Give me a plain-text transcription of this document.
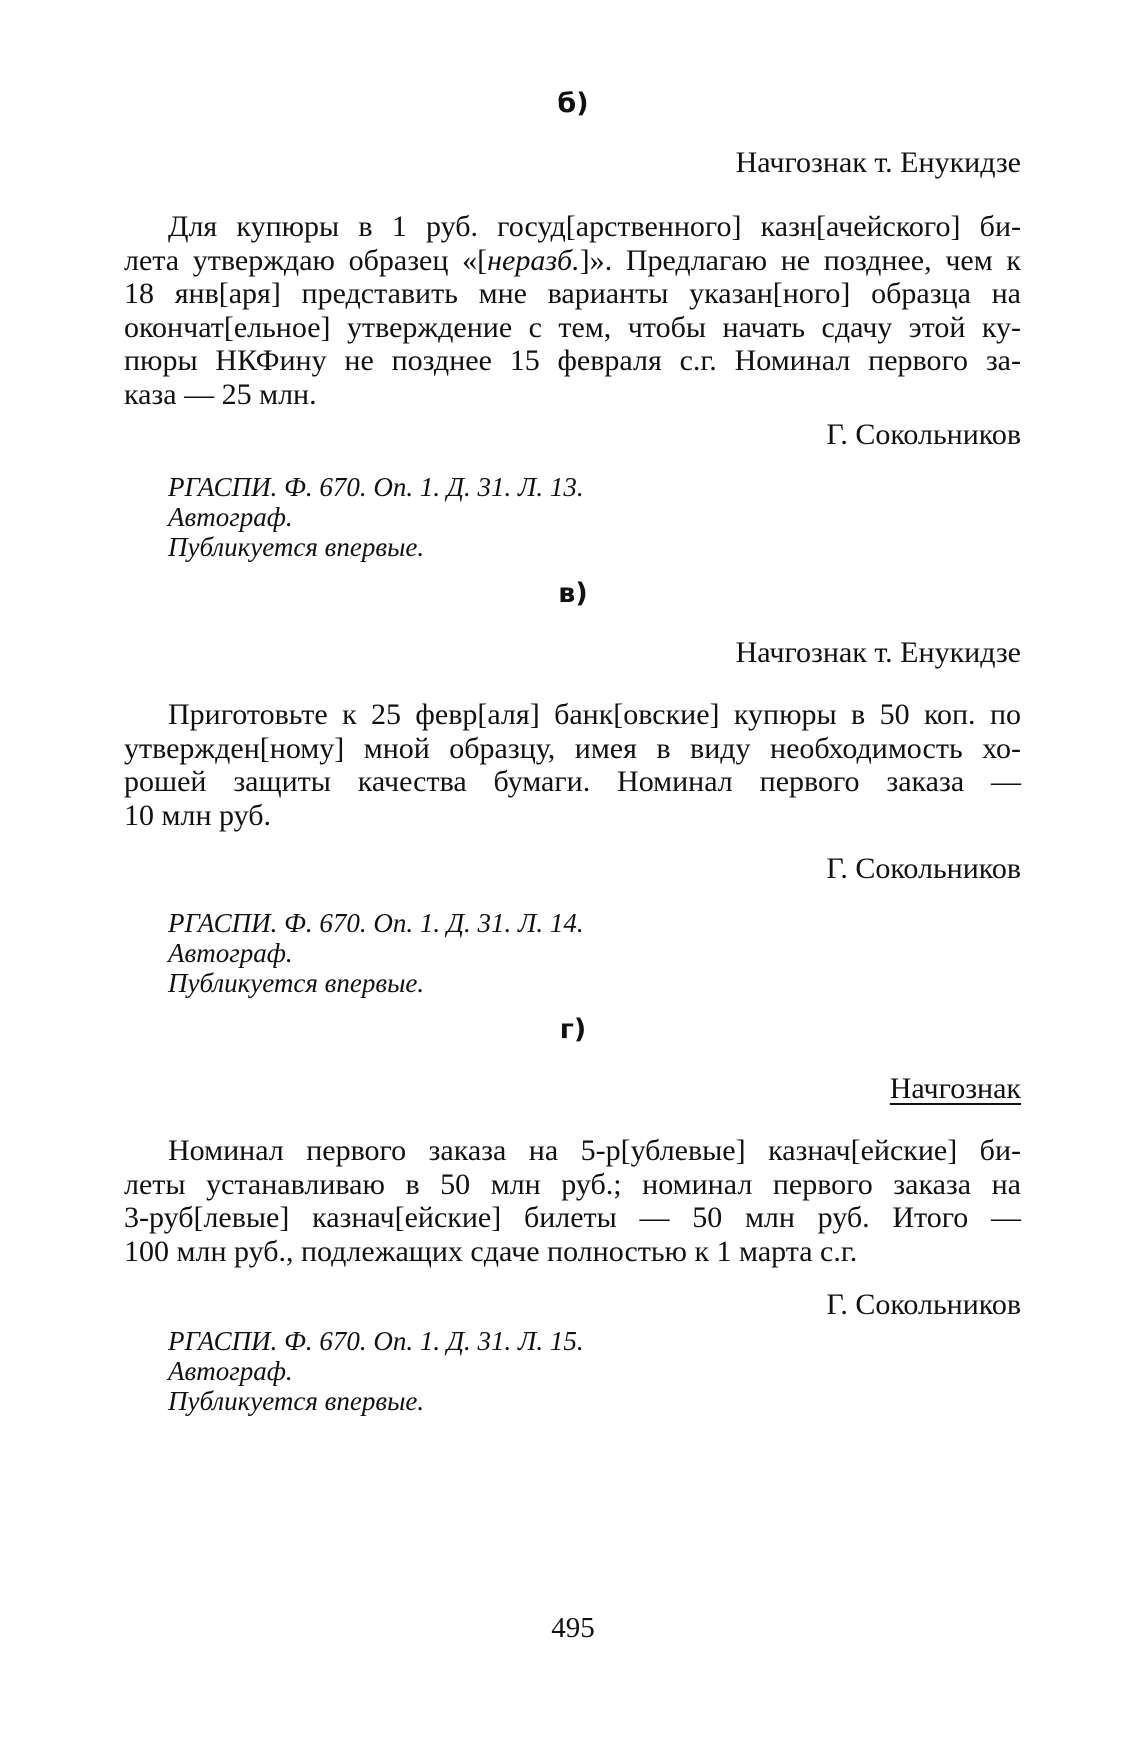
б)
Начгознак т. Енукидзе
Для купюры в 1 руб. госуд[арственного] казн[ачейского] би-
лета утверждаю образец «[неразб.]». Предлагаю не позднее, чем к
18 янв[аря] представить мне варианты указан[ного] образца на
окончат[ельное] утверждение с тем, чтобы начать сдачу этой ку-
пюры НКФину не позднее 15 февраля с.г. Номинал первого за-
каза — 25 млн.
Г. Сокольников
РГАСПИ. Ф. 670. Оп. 1. Д. 31. Л. 13.
Автограф.
Публикуется впервые.
в)
Начгознак т. Енукидзе
Приготовьте к 25 февр[аля] банк[овские] купюры в 50 коп. по
утвержден[ному] мной образцу, имея в виду необходимость хо-
рошей защиты качества бумаги. Номинал первого заказа —
10 млн руб.
Г. Сокольников
РГАСПИ. Ф. 670. Оп. 1. Д. 31. Л. 14.
Автограф.
Публикуется впервые.
г)
Начгознак
Номинал первого заказа на 5-р[ублевые] казнач[ейские] би-
леты устанавливаю в 50 млн руб.; номинал первого заказа на
3-руб[левые] казнач[ейские] билеты — 50 млн руб. Итого —
100 млн руб., подлежащих сдаче полностью к 1 марта с.г.
Г. Сокольников
РГАСПИ. Ф. 670. Оп. 1. Д. 31. Л. 15.
Автограф.
Публикуется впервые.
495
